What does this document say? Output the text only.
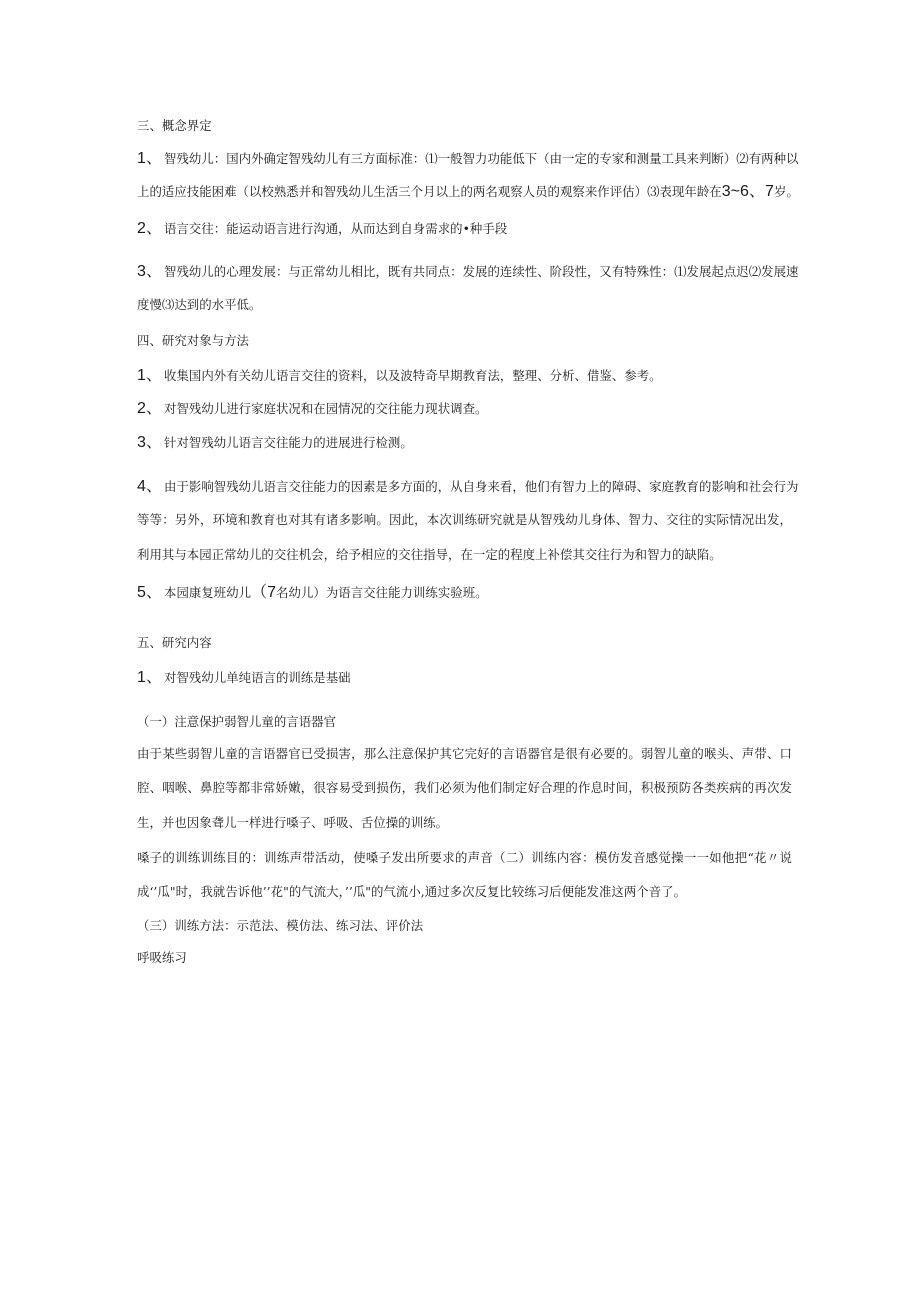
三、概念界定
1、 智残幼儿：国内外确定智残幼儿有三方面标准：⑴一般智力功能低下（由一定的专家和测量工具来判断）⑵有两种以
上的适应技能困难（以校熟悉并和智残幼儿生活三个月以上的两名观察人员的观察来作评估）⑶表现年龄在3~6、7岁。
2、 语言交往：能运动语言进行沟通，从而达到自身需求的•种手段
3、 智残幼儿的心理发展：与正常幼儿相比，既有共同点：发展的连续性、阶段性，又有特殊性：⑴发展起点迟⑵发展速
度慢⑶达到的水平低。
四、研究对象与方法
1、 收集国内外有关幼儿语言交往的资料，以及波特奇早期教育法，整理、分析、借鉴、参考。
2、 对智残幼儿进行家庭状况和在园情况的交往能力现状调查。
3、 针对智残幼儿语言交往能力的进展进行检测。
4、 由于影响智残幼儿语言交往能力的因素是多方面的，从自身来看，他们有智力上的障碍、家庭教育的影响和社会行为
等等：另外，环境和教育也对其有诸多影响。因此，本次训练研究就是从智残幼儿身体、智力、交往的实际情况出发，
利用其与本园正常幼儿的交往机会，给予相应的交往指导，在一定的程度上补偿其交往行为和智力的缺陷。
5、 本园康复班幼儿（7名幼儿）为语言交往能力训练实验班。
五、研究内容
1、 对智残幼儿单纯语言的训练是基础
（一）注意保护弱智儿童的言语器官
由于某些弱智儿童的言语器官已受损害，那么注意保护其它完好的言语器官是很有必要的。弱智儿童的喉头、声带、口
腔、咽喉、鼻腔等都非常娇嫩，很容易受到损伤，我们必须为他们制定好合理的作息时间，积极预防各类疾病的再次发
生，并也因象聋儿一样进行嗓子、呼吸、舌位操的训练。
嗓子的训练训练目的：训练声带活动，使嗓子发出所要求的声音（二）训练内容：模仿发音感觉操一一如他把“花〃说
成‘’瓜"时，我就告诉他’’花"的气流大，’’瓜"的气流小,通过多次反复比较练习后便能发准这两个音了。
（三）训练方法：示范法、模仿法、练习法、评价法
呼吸练习
